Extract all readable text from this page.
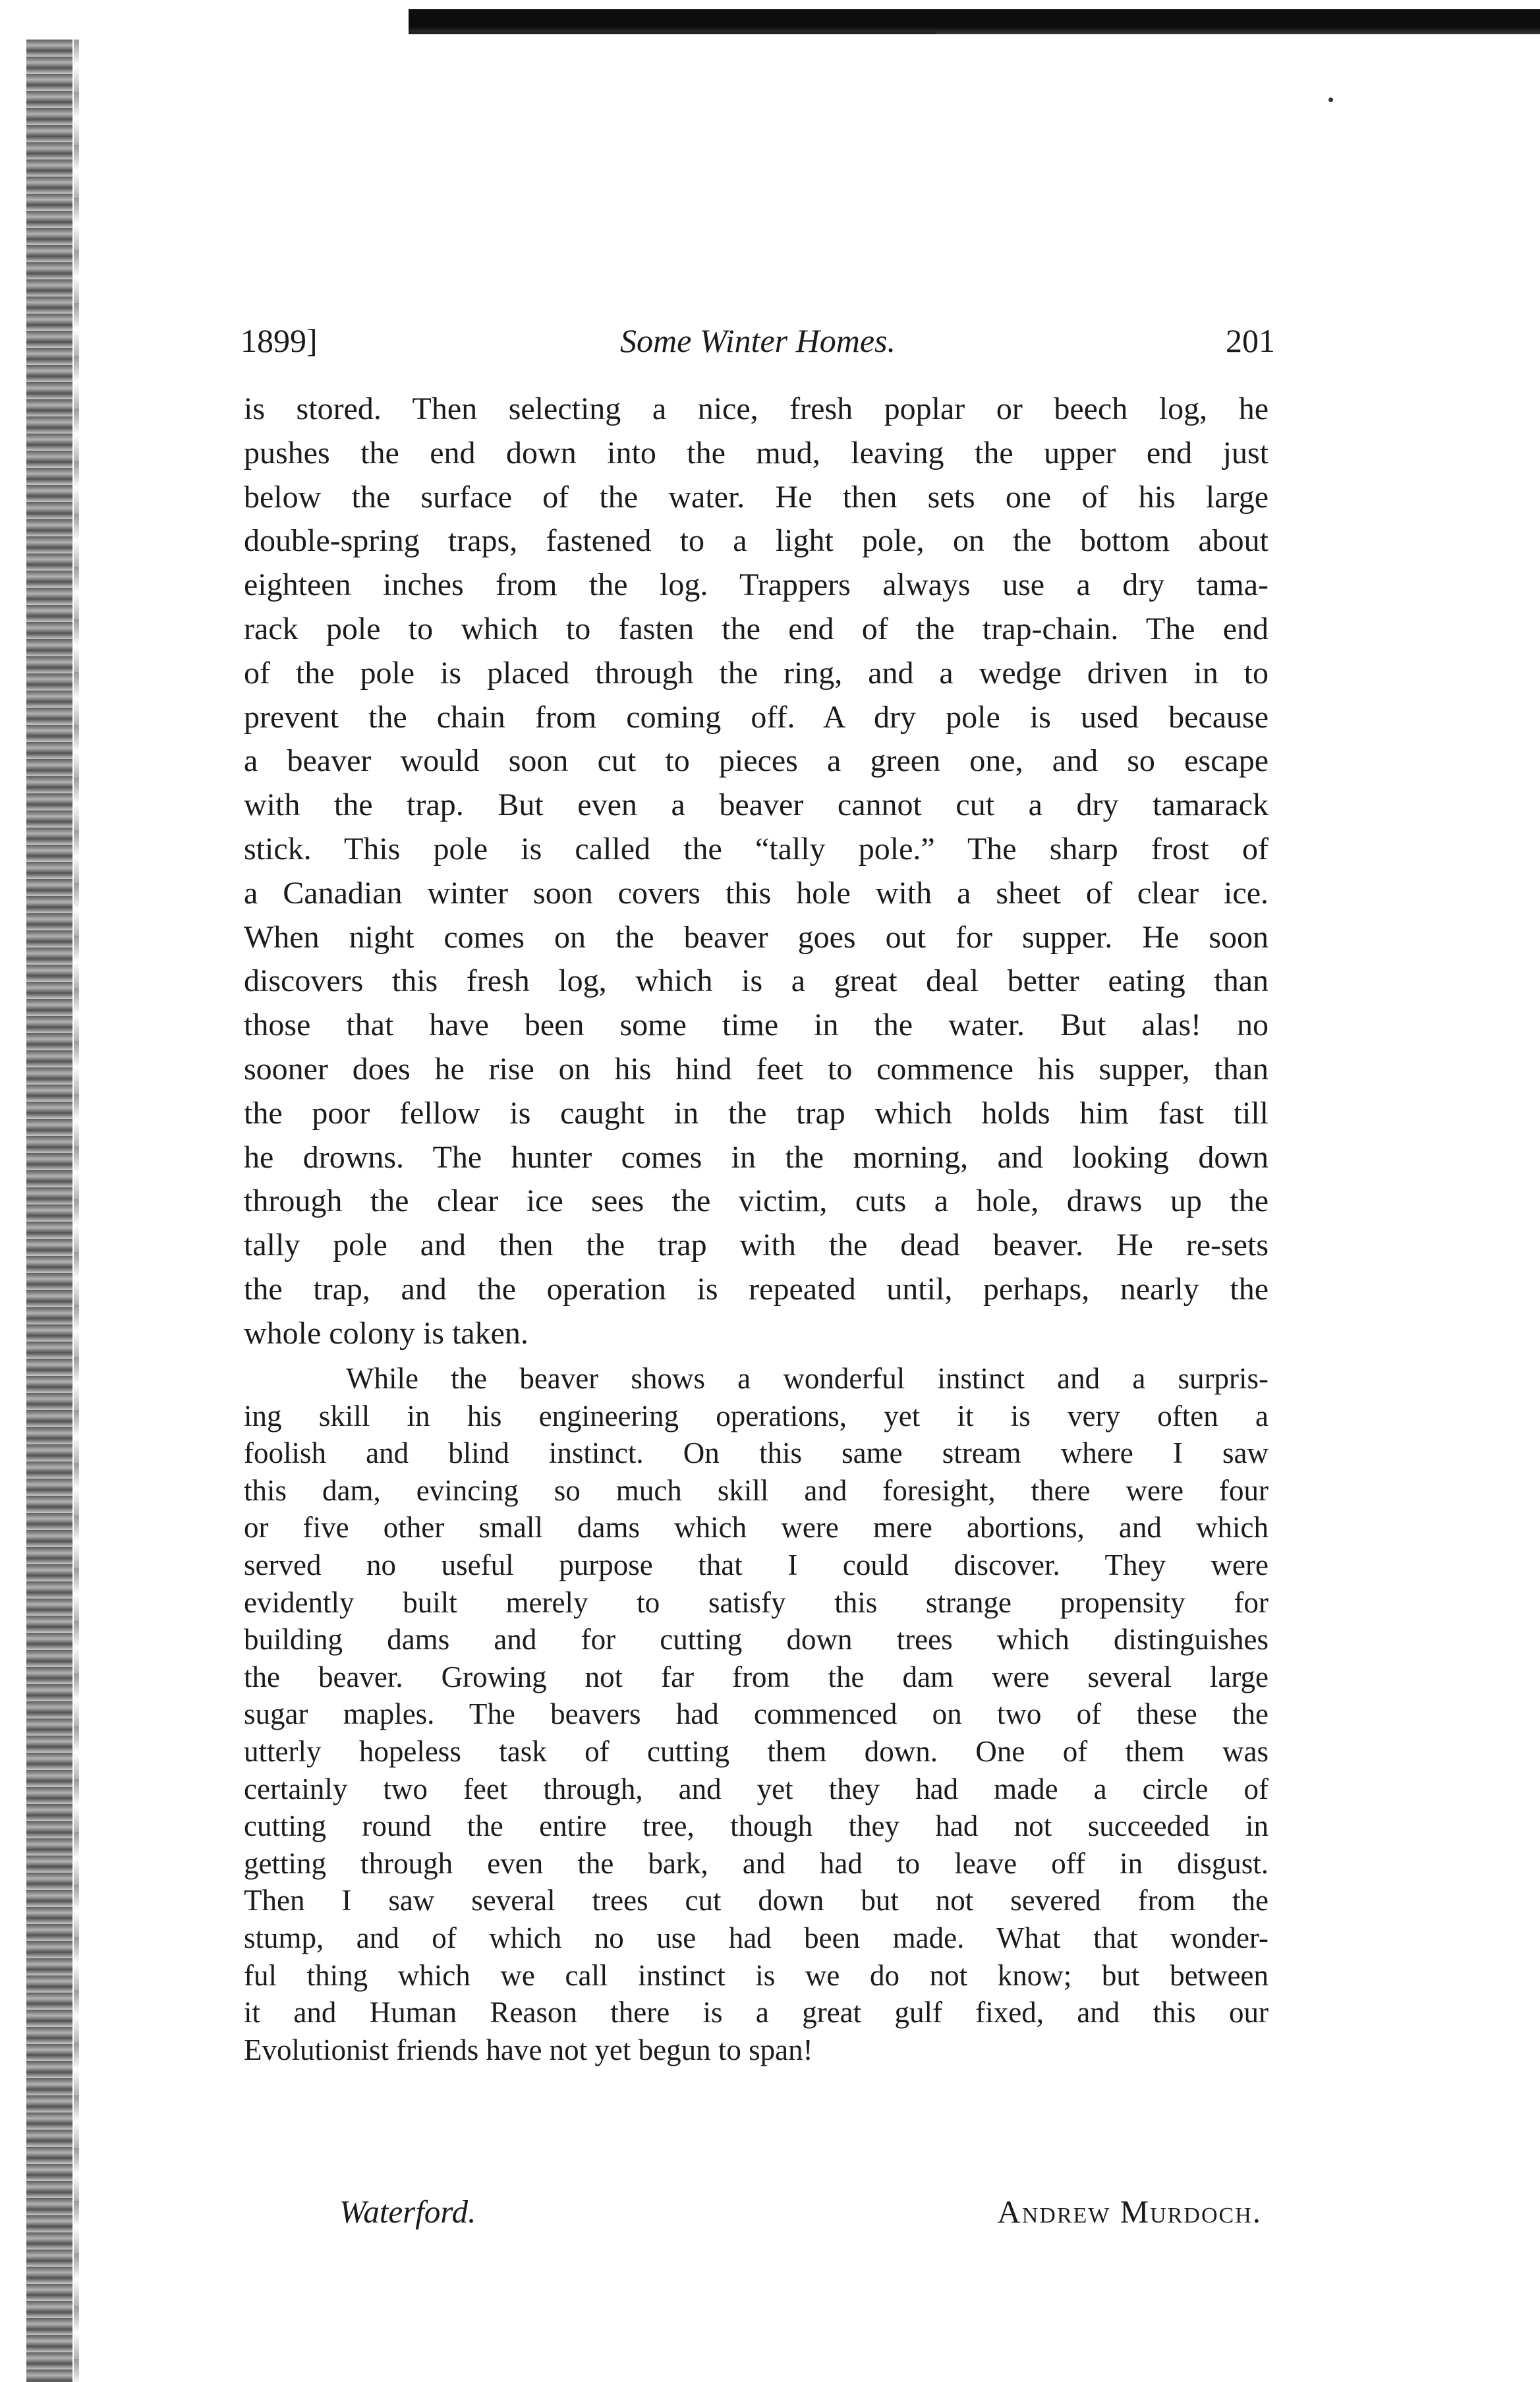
1899]	Some Winter Homes.	201
is stored. Then selecting a nice, fresh poplar or beech log, he
pushes the end down into the mud, leaving the upper end just
below the surface of the water. He then sets one of his large
double-spring traps, fastened to a light pole, on the bottom about
eighteen inches from the log. Trappers always use a dry tama-
rack pole to which to fasten the end of the trap-chain. The end
of the pole is placed through the ring, and a wedge driven in to
prevent the chain from coming off. A dry pole is used because
a beaver would soon cut to pieces a green one, and so escape
with the trap. But even a beaver cannot cut a dry tamarack
stick. This pole is called the “tally pole.” The sharp frost of
a Canadian winter soon covers this hole with a sheet of clear ice.
When night comes on the beaver goes out for supper. He soon
discovers this fresh log, which is a great deal better eating than
those that have been some time in the water. But alas! no
sooner does he rise on his hind feet to commence his supper, than
the poor fellow is caught in the trap which holds him fast till
he drowns. The hunter comes in the morning, and looking down
through the clear ice sees the victim, cuts a hole, draws up the
tally pole and then the trap with the dead beaver. He re-sets
the trap, and the operation is repeated until, perhaps, nearly the
whole colony is taken.
While the beaver shows a wonderful instinct and a surpris-
ing skill in his engineering operations, yet it is very often a
foolish and blind instinct. On this same stream where I saw
this dam, evincing so much skill and foresight, there were four
or five other small dams which were mere abortions, and which
served no useful purpose that I could discover. They were
evidently built merely to satisfy this strange propensity for
building dams and for cutting down trees which distinguishes
the beaver. Growing not far from the dam were several large
sugar maples. The beavers had commenced on two of these the
utterly hopeless task of cutting them down. One of them was
certainly two feet through, and yet they had made a circle of
cutting round the entire tree, though they had not succeeded in
getting through even the bark, and had to leave off in disgust.
Then I saw several trees cut down but not severed from the
stump, and of which no use had been made. What that wonder-
ful thing which we call instinct is we do not know; but between
it and Human Reason there is a great gulf fixed, and this our
Evolutionist friends have not yet begun to span!
Waterford.	Andrew Murdoch.
